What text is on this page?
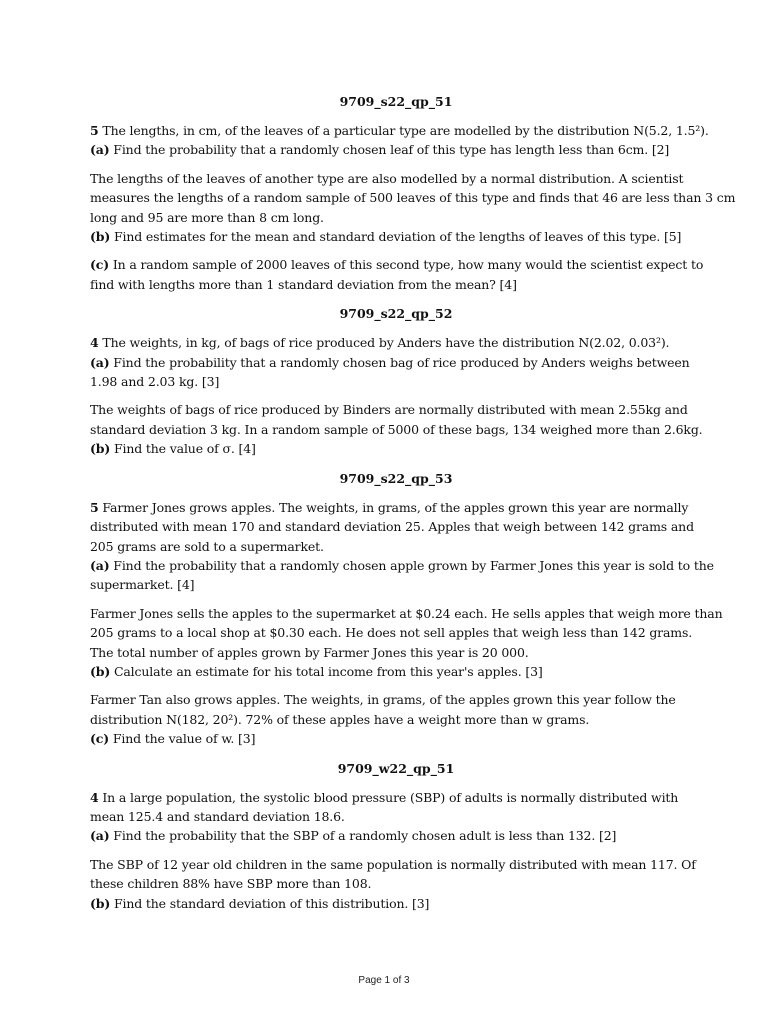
9709_s22_qp_51
5 The lengths, in cm, of the leaves of a particular type are modelled by the distribution N(5.2, 1.5²).
(a) Find the probability that a randomly chosen leaf of this type has length less than 6cm. [2]
The lengths of the leaves of another type are also modelled by a normal distribution. A scientist
measures the lengths of a random sample of 500 leaves of this type and finds that 46 are less than 3 cm
long and 95 are more than 8 cm long.
(b) Find estimates for the mean and standard deviation of the lengths of leaves of this type. [5]
(c) In a random sample of 2000 leaves of this second type, how many would the scientist expect to
find with lengths more than 1 standard deviation from the mean? [4]
9709_s22_qp_52
4 The weights, in kg, of bags of rice produced by Anders have the distribution N(2.02, 0.03²).
(a) Find the probability that a randomly chosen bag of rice produced by Anders weighs between
1.98 and 2.03 kg. [3]
The weights of bags of rice produced by Binders are normally distributed with mean 2.55kg and
standard deviation 3 kg. In a random sample of 5000 of these bags, 134 weighed more than 2.6kg.
(b) Find the value of σ. [4]
9709_s22_qp_53
5 Farmer Jones grows apples. The weights, in grams, of the apples grown this year are normally
distributed with mean 170 and standard deviation 25. Apples that weigh between 142 grams and
205 grams are sold to a supermarket.
(a) Find the probability that a randomly chosen apple grown by Farmer Jones this year is sold to the
supermarket. [4]
Farmer Jones sells the apples to the supermarket at $0.24 each. He sells apples that weigh more than
205 grams to a local shop at $0.30 each. He does not sell apples that weigh less than 142 grams.
The total number of apples grown by Farmer Jones this year is 20 000.
(b) Calculate an estimate for his total income from this year's apples. [3]
Farmer Tan also grows apples. The weights, in grams, of the apples grown this year follow the
distribution N(182, 20²). 72% of these apples have a weight more than w grams.
(c) Find the value of w. [3]
9709_w22_qp_51
4 In a large population, the systolic blood pressure (SBP) of adults is normally distributed with
mean 125.4 and standard deviation 18.6.
(a) Find the probability that the SBP of a randomly chosen adult is less than 132. [2]
The SBP of 12 year old children in the same population is normally distributed with mean 117. Of
these children 88% have SBP more than 108.
(b) Find the standard deviation of this distribution. [3]
Page 1 of 3
